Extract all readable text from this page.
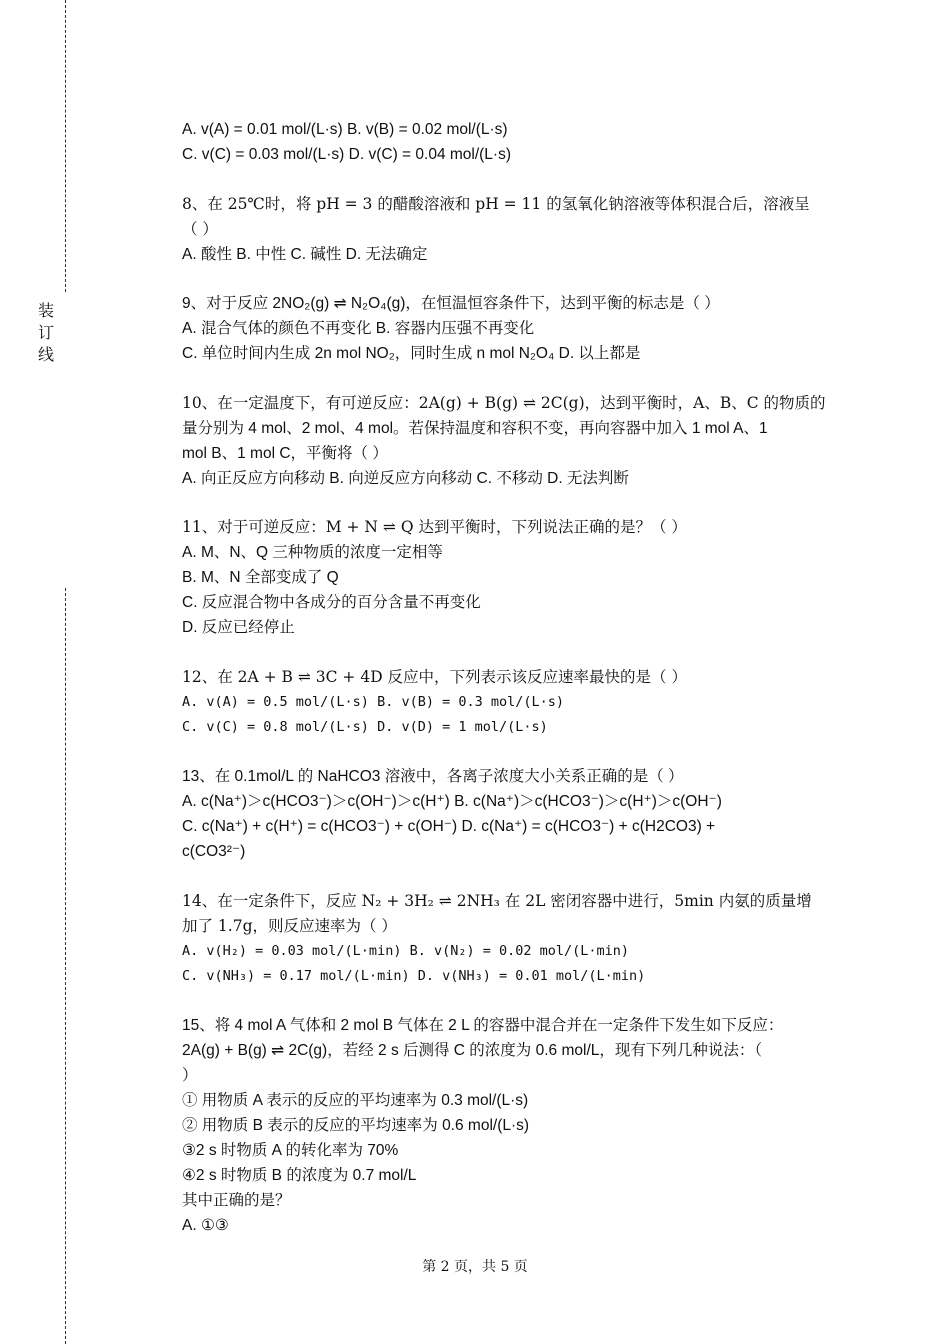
装
订
线
A. v(A) = 0.01 mol/(L·s) B. v(B) = 0.02 mol/(L·s)
C. v(C) = 0.03 mol/(L·s) D. v(C) = 0.04 mol/(L·s)
8、在 25℃时，将 pH = 3 的醋酸溶液和 pH = 11 的氢氧化钠溶液等体积混合后，溶液呈
（ ）
A. 酸性 B. 中性 C. 碱性 D. 无法确定
9、对于反应 2NO₂(g) ⇌ N₂O₄(g)，在恒温恒容条件下，达到平衡的标志是（ ）
A. 混合气体的颜色不再变化 B. 容器内压强不再变化
C. 单位时间内生成 2n mol NO₂，同时生成 n mol N₂O₄ D. 以上都是
10、在一定温度下，有可逆反应：2A(g) + B(g) ⇌ 2C(g)，达到平衡时，A、B、C 的物质的
量分别为 4 mol、2 mol、4 mol。若保持温度和容积不变，再向容器中加入 1 mol A、1
mol B、1 mol C，平衡将（ ）
A. 向正反应方向移动 B. 向逆反应方向移动 C. 不移动 D. 无法判断
11、对于可逆反应：M + N ⇌ Q 达到平衡时，下列说法正确的是？（ ）
A. M、N、Q 三种物质的浓度一定相等
B. M、N 全部变成了 Q
C. 反应混合物中各成分的百分含量不再变化
D. 反应已经停止
12、在 2A + B ⇌ 3C + 4D 反应中，下列表示该反应速率最快的是（ ）
A. v(A) = 0.5 mol/(L·s) B. v(B) = 0.3 mol/(L·s)
C. v(C) = 0.8 mol/(L·s) D. v(D) = 1 mol/(L·s)
13、在 0.1mol/L 的 NaHCO3 溶液中，各离子浓度大小关系正确的是（ ）
A. c(Na⁺)＞c(HCO3⁻)＞c(OH⁻)＞c(H⁺) B. c(Na⁺)＞c(HCO3⁻)＞c(H⁺)＞c(OH⁻)
C. c(Na⁺) + c(H⁺) = c(HCO3⁻) + c(OH⁻) D. c(Na⁺) = c(HCO3⁻) + c(H2CO3) +
c(CO3²⁻)
14、在一定条件下，反应 N₂ + 3H₂ ⇌ 2NH₃ 在 2L 密闭容器中进行，5min 内氨的质量增
加了 1.7g，则反应速率为（ ）
A. v(H₂) = 0.03 mol/(L·min) B. v(N₂) = 0.02 mol/(L·min)
C. v(NH₃) = 0.17 mol/(L·min) D. v(NH₃) = 0.01 mol/(L·min)
15、将 4 mol A 气体和 2 mol B 气体在 2 L 的容器中混合并在一定条件下发生如下反应：
2A(g) + B(g) ⇌ 2C(g)，若经 2 s 后测得 C 的浓度为 0.6 mol/L，现有下列几种说法：（
）
① 用物质 A 表示的反应的平均速率为 0.3 mol/(L·s)
② 用物质 B 表示的反应的平均速率为 0.6 mol/(L·s)
③2 s 时物质 A 的转化率为 70%
④2 s 时物质 B 的浓度为 0.7 mol/L
其中正确的是？
A. ①③
第 2 页，共 5 页
